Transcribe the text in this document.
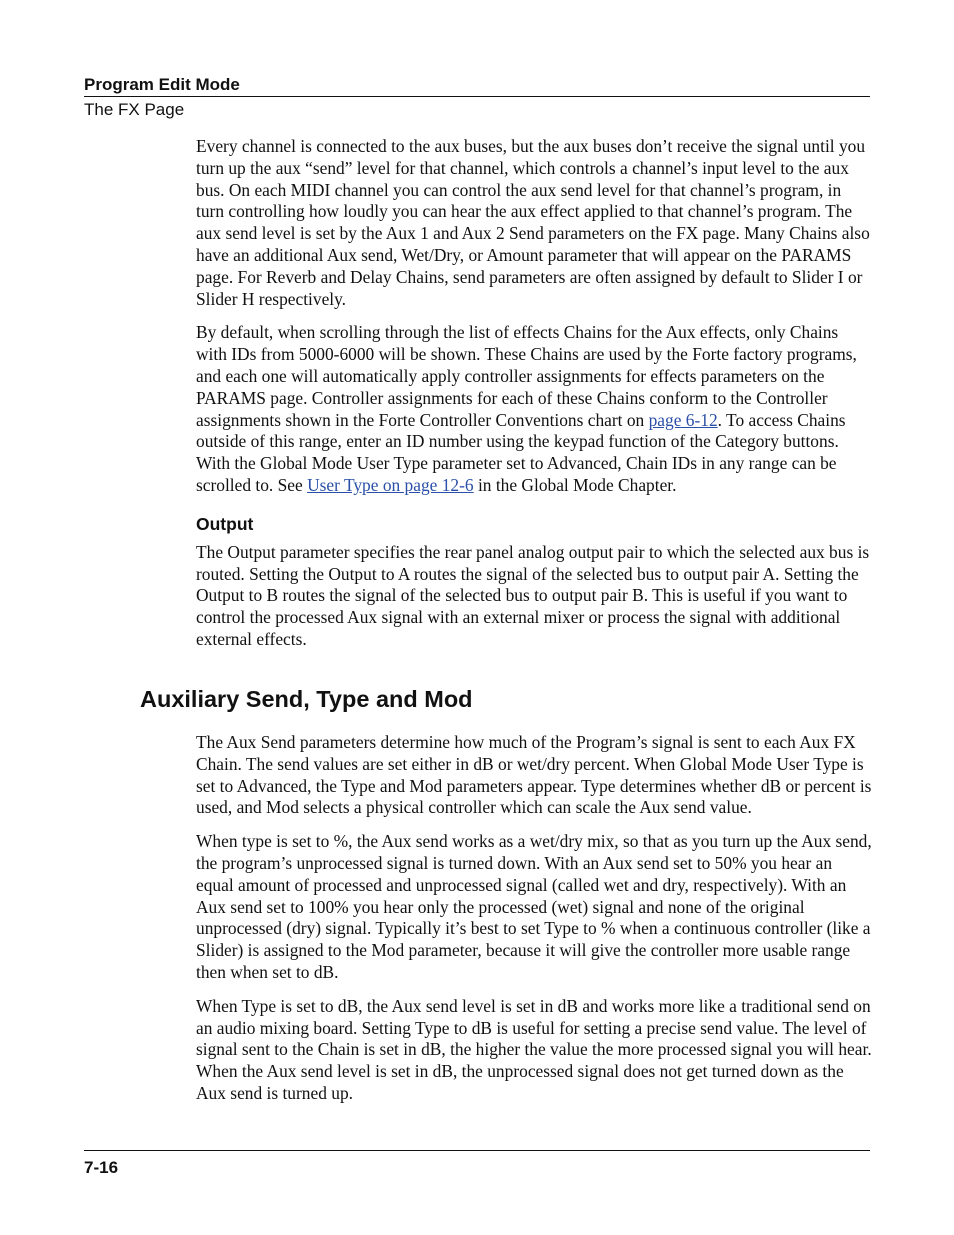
Program Edit Mode

The FX Page

Every channel is connected to the aux buses, but the aux buses don’t receive the signal until you turn up the aux “send” level for that channel, which controls a channel’s input level to the aux bus. On each MIDI channel you can control the aux send level for that channel’s program, in turn controlling how loudly you can hear the aux effect applied to that channel’s program. The aux send level is set by the Aux 1 and Aux 2 Send parameters on the FX page. Many Chains also have an additional Aux send, Wet/Dry, or Amount parameter that will appear on the PARAMS page. For Reverb and Delay Chains, send parameters are often assigned by default to Slider I or Slider H respectively.

By default, when scrolling through the list of effects Chains for the Aux effects, only Chains with IDs from 5000-6000 will be shown. These Chains are used by the Forte factory programs, and each one will automatically apply controller assignments for effects parameters on the PARAMS page. Controller assignments for each of these Chains conform to the Controller assignments shown in the Forte Controller Conventions chart on page 6-12. To access Chains outside of this range, enter an ID number using the keypad function of the Category buttons. With the Global Mode User Type parameter set to Advanced, Chain IDs in any range can be scrolled to. See User Type on page 12-6 in the Global Mode Chapter.

Output

The Output parameter specifies the rear panel analog output pair to which the selected aux bus is routed. Setting the Output to A routes the signal of the selected bus to output pair A. Setting the Output to B routes the signal of the selected bus to output pair B. This is useful if you want to control the processed Aux signal with an external mixer or process the signal with additional external effects.

Auxiliary Send, Type and Mod

The Aux Send parameters determine how much of the Program’s signal is sent to each Aux FX Chain. The send values are set either in dB or wet/dry percent. When Global Mode User Type is set to Advanced, the Type and Mod parameters appear. Type determines whether dB or percent is used, and Mod selects a physical controller which can scale the Aux send value.

When type is set to %, the Aux send works as a wet/dry mix, so that as you turn up the Aux send, the program’s unprocessed signal is turned down. With an Aux send set to 50% you hear an equal amount of processed and unprocessed signal (called wet and dry, respectively). With an Aux send set to 100% you hear only the processed (wet) signal and none of the original unprocessed (dry) signal. Typically it’s best to set Type to % when a continuous controller (like a Slider) is assigned to the Mod parameter, because it will give the controller more usable range then when set to dB.

When Type is set to dB, the Aux send level is set in dB and works more like a traditional send on an audio mixing board. Setting Type to dB is useful for setting a precise send value. The level of signal sent to the Chain is set in dB, the higher the value the more processed signal you will hear. When the Aux send level is set in dB, the unprocessed signal does not get turned down as the Aux send is turned up.

7-16
